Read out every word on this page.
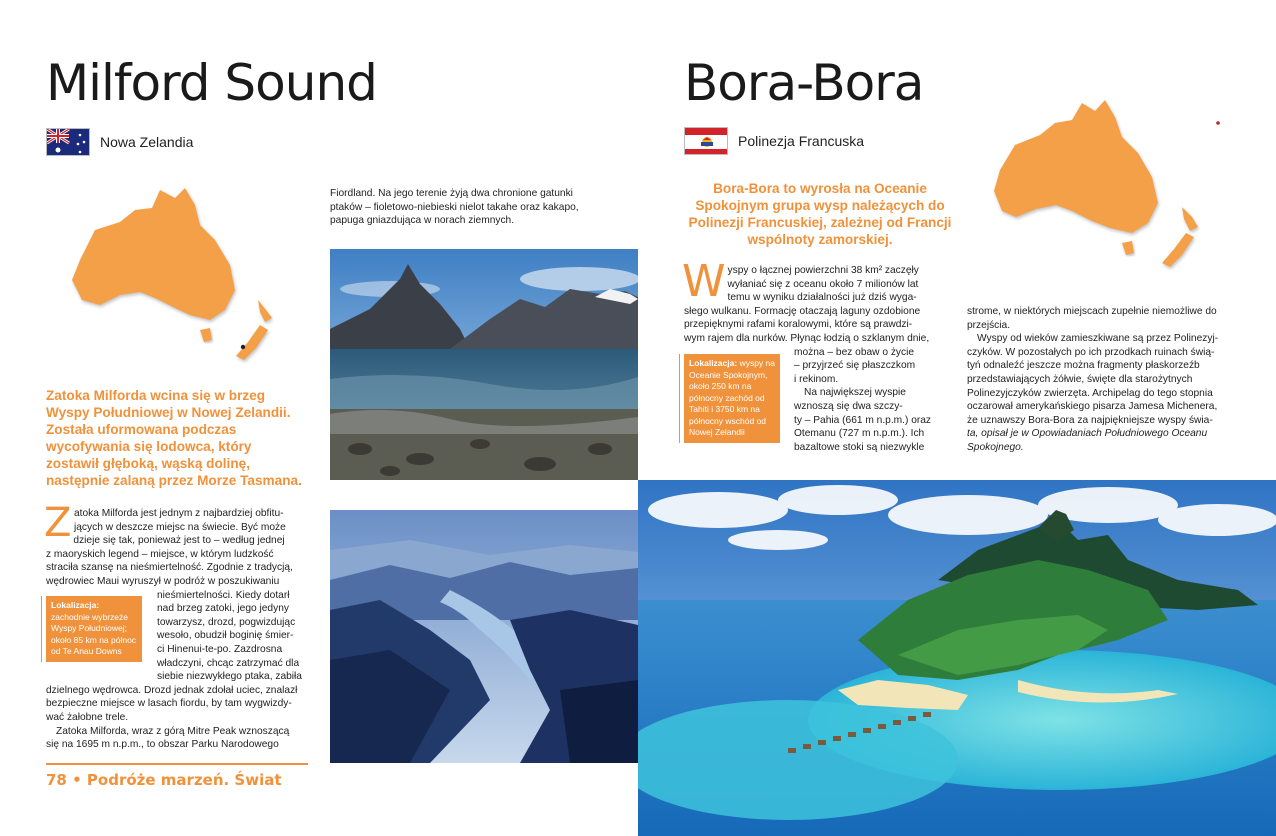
Milford Sound
Nowa Zelandia
Zatoka Milforda wcina się w brzeg Wyspy Południowej w Nowej Zelandii. Została uformowana podczas wycofywania się lodowca, który zostawił głęboką, wąską dolinę, następnie zalaną przez Morze Tasmana.
Z atoka Milforda jest jednym z najbardziej obfitu-
jących w deszcze miejsc na świecie. Być może
dzieje się tak, ponieważ jest to – według jednej
z maoryskich legend – miejsce, w którym ludzkość
straciła szansę na nieśmiertelność. Zgodnie z tradycją,
wędrowiec Maui wyruszył w podróż w poszukiwaniu
nieśmiertelności. Kiedy dotarł
nad brzeg zatoki, jego jedyny
towarzysz, drozd, pogwizdując
wesoło, obudził boginię śmier-
ci Hinenui-te-po. Zazdrosna
władczyni, chcąc zatrzymać dla
siebie niezwykłego ptaka, zabiła
dzielnego wędrowca. Drozd jednak zdołał uciec, znalazł
bezpieczne miejsce w lasach fiordu, by tam wygwizdy-
wać żałobne trele.
Zatoka Milforda, wraz z górą Mitre Peak wznoszącą
się na 1695 m n.p.m., to obszar Parku Narodowego
Lokalizacja: zachodnie wybrzeże Wyspy Południowej; około 85 km na północ od Te Anau Downs
78 • Podróże marzeń. Świat
Fiordland. Na jego terenie żyją dwa chronione gatunki
ptaków – fioletowo-niebieski nielot takahe oraz kakapo,
papuga gniazdująca w norach ziemnych.
Bora-Bora
Polinezja Francuska
Bora-Bora to wyrosła na Oceanie Spokojnym grupa wysp należących do Polinezji Francuskiej, zależnej od Francji wspólnoty zamorskiej.
W yspy o łącznej powierzchni 38 km² zaczęły
wyłaniać się z oceanu około 7 milionów lat
temu w wyniku działalności już dziś wyga-
słego wulkanu. Formację otaczają laguny ozdobione
przepięknymi rafami koralowymi, które są prawdzi-
wym rajem dla nurków. Płynąc łodzią o szklanym dnie,
można – bez obaw o życie
– przyjrzeć się płaszczkom
i rekinom.
Na największej wyspie
wznoszą się dwa szczy-
ty – Pahia (661 m n.p.m.) oraz
Otemanu (727 m n.p.m.). Ich
bazaltowe stoki są niezwykle
Lokalizacja: wyspy na Oceanie Spokojnym, około 250 km na północny zachód od Tahiti i 3750 km na północny wschód od Nowej Zelandii
strome, w niektórych miejscach zupełnie niemożliwe do
przejścia.
Wyspy od wieków zamieszkiwane są przez Polinezyj-
czyków. W pozostałych po ich przodkach ruinach świą-
tyń odnaleźć jeszcze można fragmenty płaskorzeźb
przedstawiających żółwie, święte dla starożytnych
Polinezyjczyków zwierzęta. Archipelag do tego stopnia
oczarował amerykańskiego pisarza Jamesa Michenera,
że uznawszy Bora-Bora za najpiękniejsze wyspy świa-
ta, opisał je w Opowiadaniach Południowego Oceanu
Spokojnego.
